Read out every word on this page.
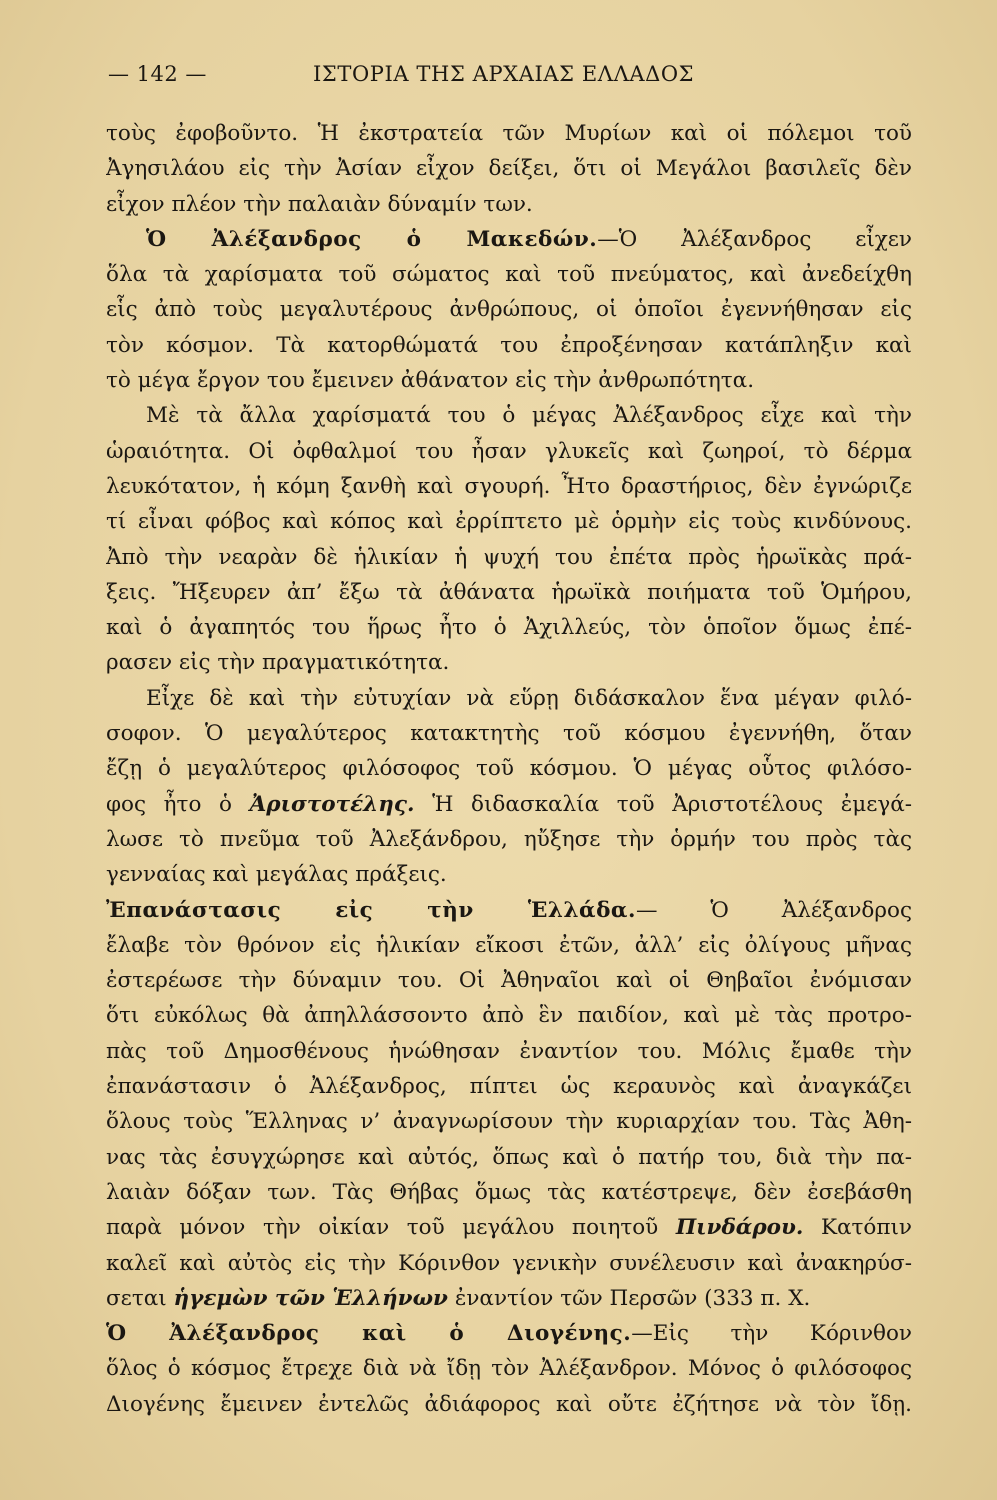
— 142 —	ΙΣΤΟΡΙΑ ΤΗΣ ΑΡΧΑΙΑΣ ΕΛΛΑΔΟΣ
τοὺς ἐφοβοῦντο. Ἡ ἐκστρατεία τῶν Μυρίων καὶ οἱ πόλεμοι τοῦ
Ἀγησιλάου εἰς τὴν Ἀσίαν εἶχον δείξει, ὅτι οἱ Μεγάλοι βασιλεῖς δὲν
εἶχον πλέον τὴν παλαιὰν δύναμίν των.
Ὁ Ἀλέξανδρος ὁ Μακεδών.—Ὁ Ἀλέξανδρος εἶχεν
ὅλα τὰ χαρίσματα τοῦ σώματος καὶ τοῦ πνεύματος, καὶ ἀνεδείχθη
εἷς ἀπὸ τοὺς μεγαλυτέρους ἀνθρώπους, οἱ ὁποῖοι ἐγεννήθησαν εἰς
τὸν κόσμον. Τὰ κατορθώματά του ἐπροξένησαν κατάπληξιν καὶ
τὸ μέγα ἔργον του ἔμεινεν ἀθάνατον εἰς τὴν ἀνθρωπότητα.
Μὲ τὰ ἄλλα χαρίσματά του ὁ μέγας Ἀλέξανδρος εἶχε καὶ τὴν
ὡραιότητα. Οἱ ὀφθαλμοί του ἦσαν γλυκεῖς καὶ ζωηροί, τὸ δέρμα
λευκότατον, ἡ κόμη ξανθὴ καὶ σγουρή. Ἦτο δραστήριος, δὲν ἐγνώριζε
τί εἶναι φόβος καὶ κόπος καὶ ἐρρίπτετο μὲ ὁρμὴν εἰς τοὺς κινδύνους.
Ἀπὸ τὴν νεαρὰν δὲ ἡλικίαν ἡ ψυχή του ἐπέτα πρὸς ἡρωϊκὰς πρά-
ξεις. Ἤξευρεν ἀπ’ ἔξω τὰ ἀθάνατα ἡρωϊκὰ ποιήματα τοῦ Ὁμήρου,
καὶ ὁ ἀγαπητός του ἥρως ἦτο ὁ Ἀχιλλεύς, τὸν ὁποῖον ὅμως ἐπέ-
ρασεν εἰς τὴν πραγματικότητα.
Εἶχε δὲ καὶ τὴν εὐτυχίαν νὰ εὕρῃ διδάσκαλον ἕνα μέγαν φιλό-
σοφον. Ὁ μεγαλύτερος κατακτητὴς τοῦ κόσμου ἐγεννήθη, ὅταν
ἔζῃ ὁ μεγαλύτερος φιλόσοφος τοῦ κόσμου. Ὁ μέγας οὗτος φιλόσο-
φος ἦτο ὁ Ἀριστοτέλης. Ἡ διδασκαλία τοῦ Ἀριστοτέλους ἐμεγά-
λωσε τὸ πνεῦμα τοῦ Ἀλεξάνδρου, ηὔξησε τὴν ὁρμήν του πρὸς τὰς
γενναίας καὶ μεγάλας πράξεις.
Ἐπανάστασις εἰς τὴν Ἑλλάδα.— Ὁ Ἀλέξανδρος
ἔλαβε τὸν θρόνον εἰς ἡλικίαν εἴκοσι ἐτῶν, ἀλλ’ εἰς ὀλίγους μῆνας
ἐστερέωσε τὴν δύναμιν του. Οἱ Ἀθηναῖοι καὶ οἱ Θηβαῖοι ἐνόμισαν
ὅτι εὐκόλως θὰ ἀπηλλάσσοντο ἀπὸ ἓν παιδίον, καὶ μὲ τὰς προτρο-
πὰς τοῦ Δημοσθένους ἡνώθησαν ἐναντίον του. Μόλις ἔμαθε τὴν
ἐπανάστασιν ὁ Ἀλέξανδρος, πίπτει ὡς κεραυνὸς καὶ ἀναγκάζει
ὅλους τοὺς Ἕλληνας ν’ ἀναγνωρίσουν τὴν κυριαρχίαν του. Τὰς Ἀθη-
νας τὰς ἐσυγχώρησε καὶ αὐτός, ὅπως καὶ ὁ πατήρ του, διὰ τὴν πα-
λαιὰν δόξαν των. Τὰς Θήβας ὅμως τὰς κατέστρεψε, δὲν ἐσεβάσθη
παρὰ μόνον τὴν οἰκίαν τοῦ μεγάλου ποιητοῦ Πινδάρου. Κατόπιν
καλεῖ καὶ αὐτὸς εἰς τὴν Κόρινθον γενικὴν συνέλευσιν καὶ ἀνακηρύσ-
σεται ἡγεμὼν τῶν Ἑλλήνων ἐναντίον τῶν Περσῶν (333 π. Χ.
Ὁ Ἀλέξανδρος καὶ ὁ Διογένης.—Εἰς τὴν Κόρινθον
ὅλος ὁ κόσμος ἔτρεχε διὰ νὰ ἴδῃ τὸν Ἀλέξανδρον. Μόνος ὁ φιλόσοφος
Διογένης ἔμεινεν ἐντελῶς ἀδιάφορος καὶ οὔτε ἐζήτησε νὰ τὸν ἴδῃ.
